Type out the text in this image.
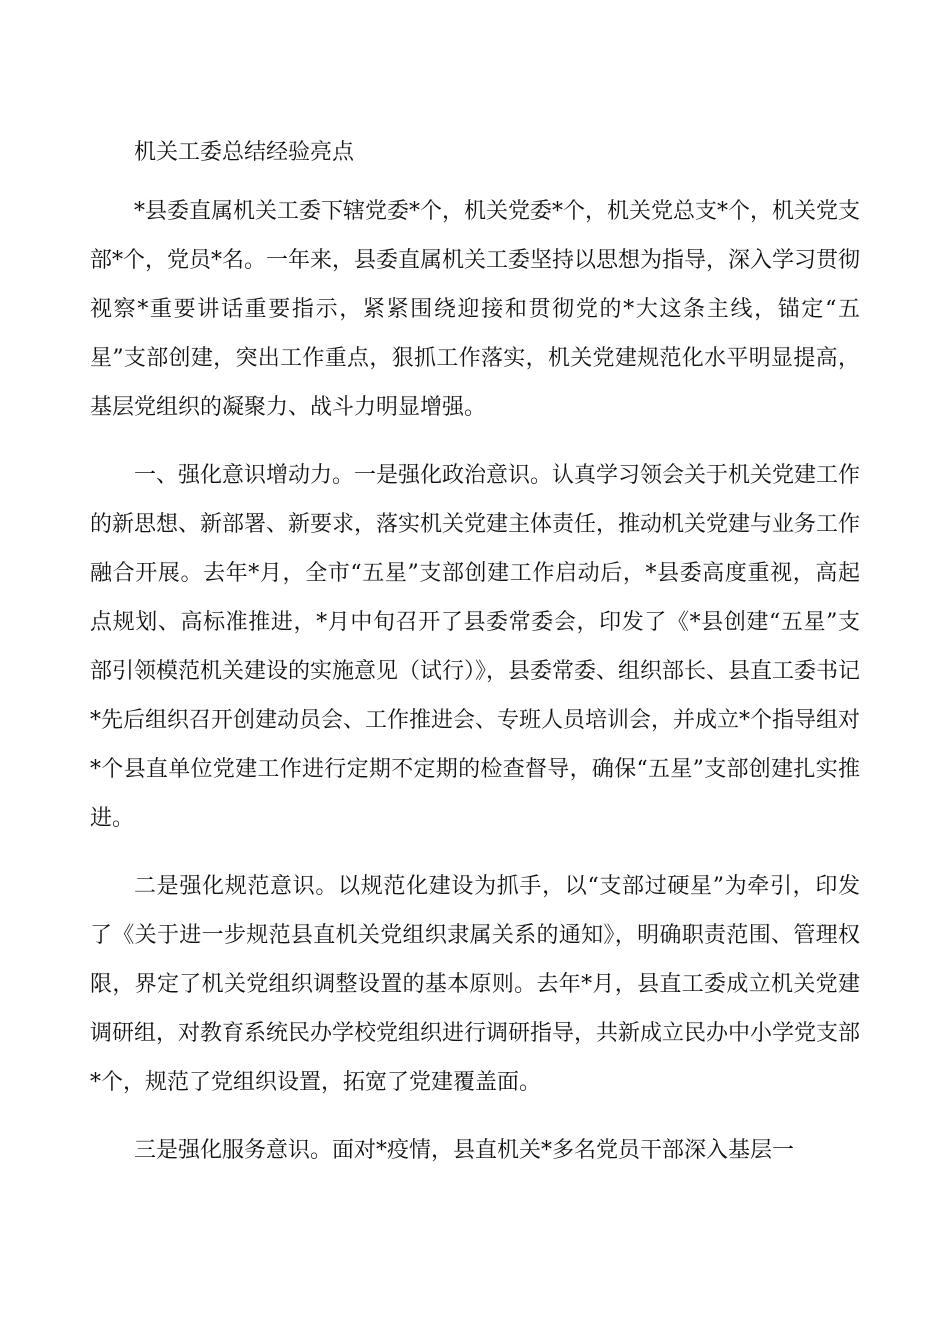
机关工委总结经验亮点

*县委直属机关工委下辖党委*个，机关党委*个，机关党总支*个，机关党支部*个，党员*名。一年来，县委直属机关工委坚持以思想为指导，深入学习贯彻视察*重要讲话重要指示，紧紧围绕迎接和贯彻党的*大这条主线，锚定“五星”支部创建，突出工作重点，狠抓工作落实，机关党建规范化水平明显提高，基层党组织的凝聚力、战斗力明显增强。

一、强化意识增动力。一是强化政治意识。认真学习领会关于机关党建工作的新思想、新部署、新要求，落实机关党建主体责任，推动机关党建与业务工作融合开展。去年*月，全市“五星”支部创建工作启动后，*县委高度重视，高起点规划、高标准推进，*月中旬召开了县委常委会，印发了《*县创建“五星”支部引领模范机关建设的实施意见（试行）》，县委常委、组织部长、县直工委书记*先后组织召开创建动员会、工作推进会、专班人员培训会，并成立*个指导组对*个县直单位党建工作进行定期不定期的检查督导，确保“五星”支部创建扎实推进。

二是强化规范意识。以规范化建设为抓手，以“支部过硬星”为牵引，印发了《关于进一步规范县直机关党组织隶属关系的通知》，明确职责范围、管理权限，界定了机关党组织调整设置的基本原则。去年*月，县直工委成立机关党建调研组，对教育系统民办学校党组织进行调研指导，共新成立民办中小学党支部*个，规范了党组织设置，拓宽了党建覆盖面。

三是强化服务意识。面对*疫情，县直机关*多名党员干部深入基层一
